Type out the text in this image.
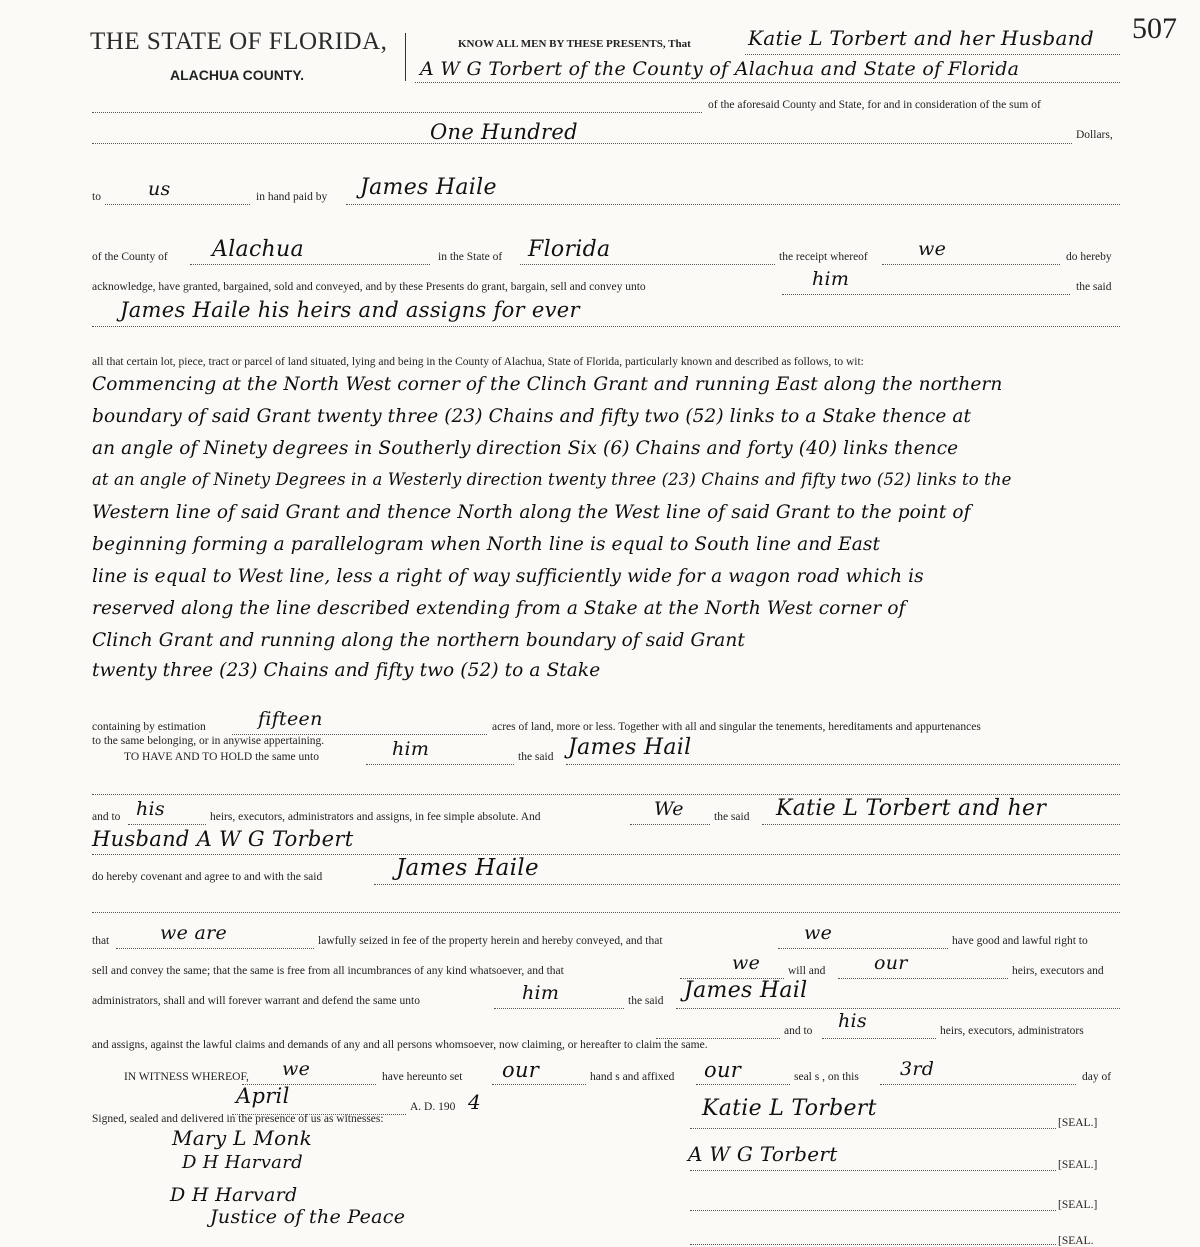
THE STATE OF FLORIDA,
ALACHUA COUNTY.
KNOW ALL MEN BY THESE PRESENTS, That	Katie L Torbert and her Husband 507
A W G Torbert of the County of Alachua and State of Florida
of the aforesaid County and State, for and in consideration of the sum of
One Hundred	Dollars,
to us	in hand paid by James Haile
of the County of Alachua	in the State of Florida	the receipt whereof	we	do hereby
acknowledge, have granted, bargained, sold and conveyed, and by these Presents do grant, bargain, sell and convey unto	him	the said
James Haile his heirs and assigns for ever
all that certain lot, piece, tract or parcel of land situated, lying and being in the County of Alachua, State of Florida, particularly known and described as follows, to wit:
Commencing at the North West corner of the Clinch Grant and running East along the northern
boundary of said Grant twenty three (23) Chains and fifty two (52) links to a Stake thence at
an angle of Ninety degrees in Southerly direction Six (6) Chains and forty (40) links thence
at an angle of Ninety Degrees in a Westerly direction twenty three (23) Chains and fifty two (52) links to the
Western line of said Grant and thence North along the West line of said Grant to the point of
beginning forming a parallelogram when North line is equal to South line and East
line is equal to West line, less a right of way sufficiently wide for a wagon road which is
reserved along the line described extending from a Stake at the North West corner of
Clinch Grant and running along the northern boundary of said Grant
twenty three (23) Chains and fifty two (52) to a Stake
containing by estimation	fifteen	acres of land, more or less. Together with all and singular the tenements, hereditaments and appurtenances
to the same belonging, or in anywise appertaining.
TO HAVE AND TO HOLD the same unto	him	the said James Hail
and to his	heirs, executors, administrators and assigns, in fee simple absolute. And	We	the said Katie L Torbert and her
Husband A W G Torbert
do hereby covenant and agree to and with the said	James Haile
that	we are	lawfully seized in fee of the property herein and hereby conveyed, and that	we	have good and lawful right to
sell and convey the same; that the same is free from all incumbrances of any kind whatsoever, and that	we will and	our	heirs, executors and
administrators, shall and will forever warrant and defend the same unto	him	the said James Hail
and to his	heirs, executors, administrators
and assigns, against the lawful claims and demands of any and all persons whomsoever, now claiming, or hereafter to claim the same.
IN WITNESS WHEREOF, we	have hereunto set our	hand s and affixed our	seal s , on this 3rd	day of
April	A. D. 190 4
Signed, sealed and delivered in the presence of us as witnesses:
Mary L Monk
D H Harvard
D H Harvard
Justice of the Peace
Katie L Torbert
[SEAL.]
A W G Torbert	[SEAL.]
[SEAL.]
[SEAL.
